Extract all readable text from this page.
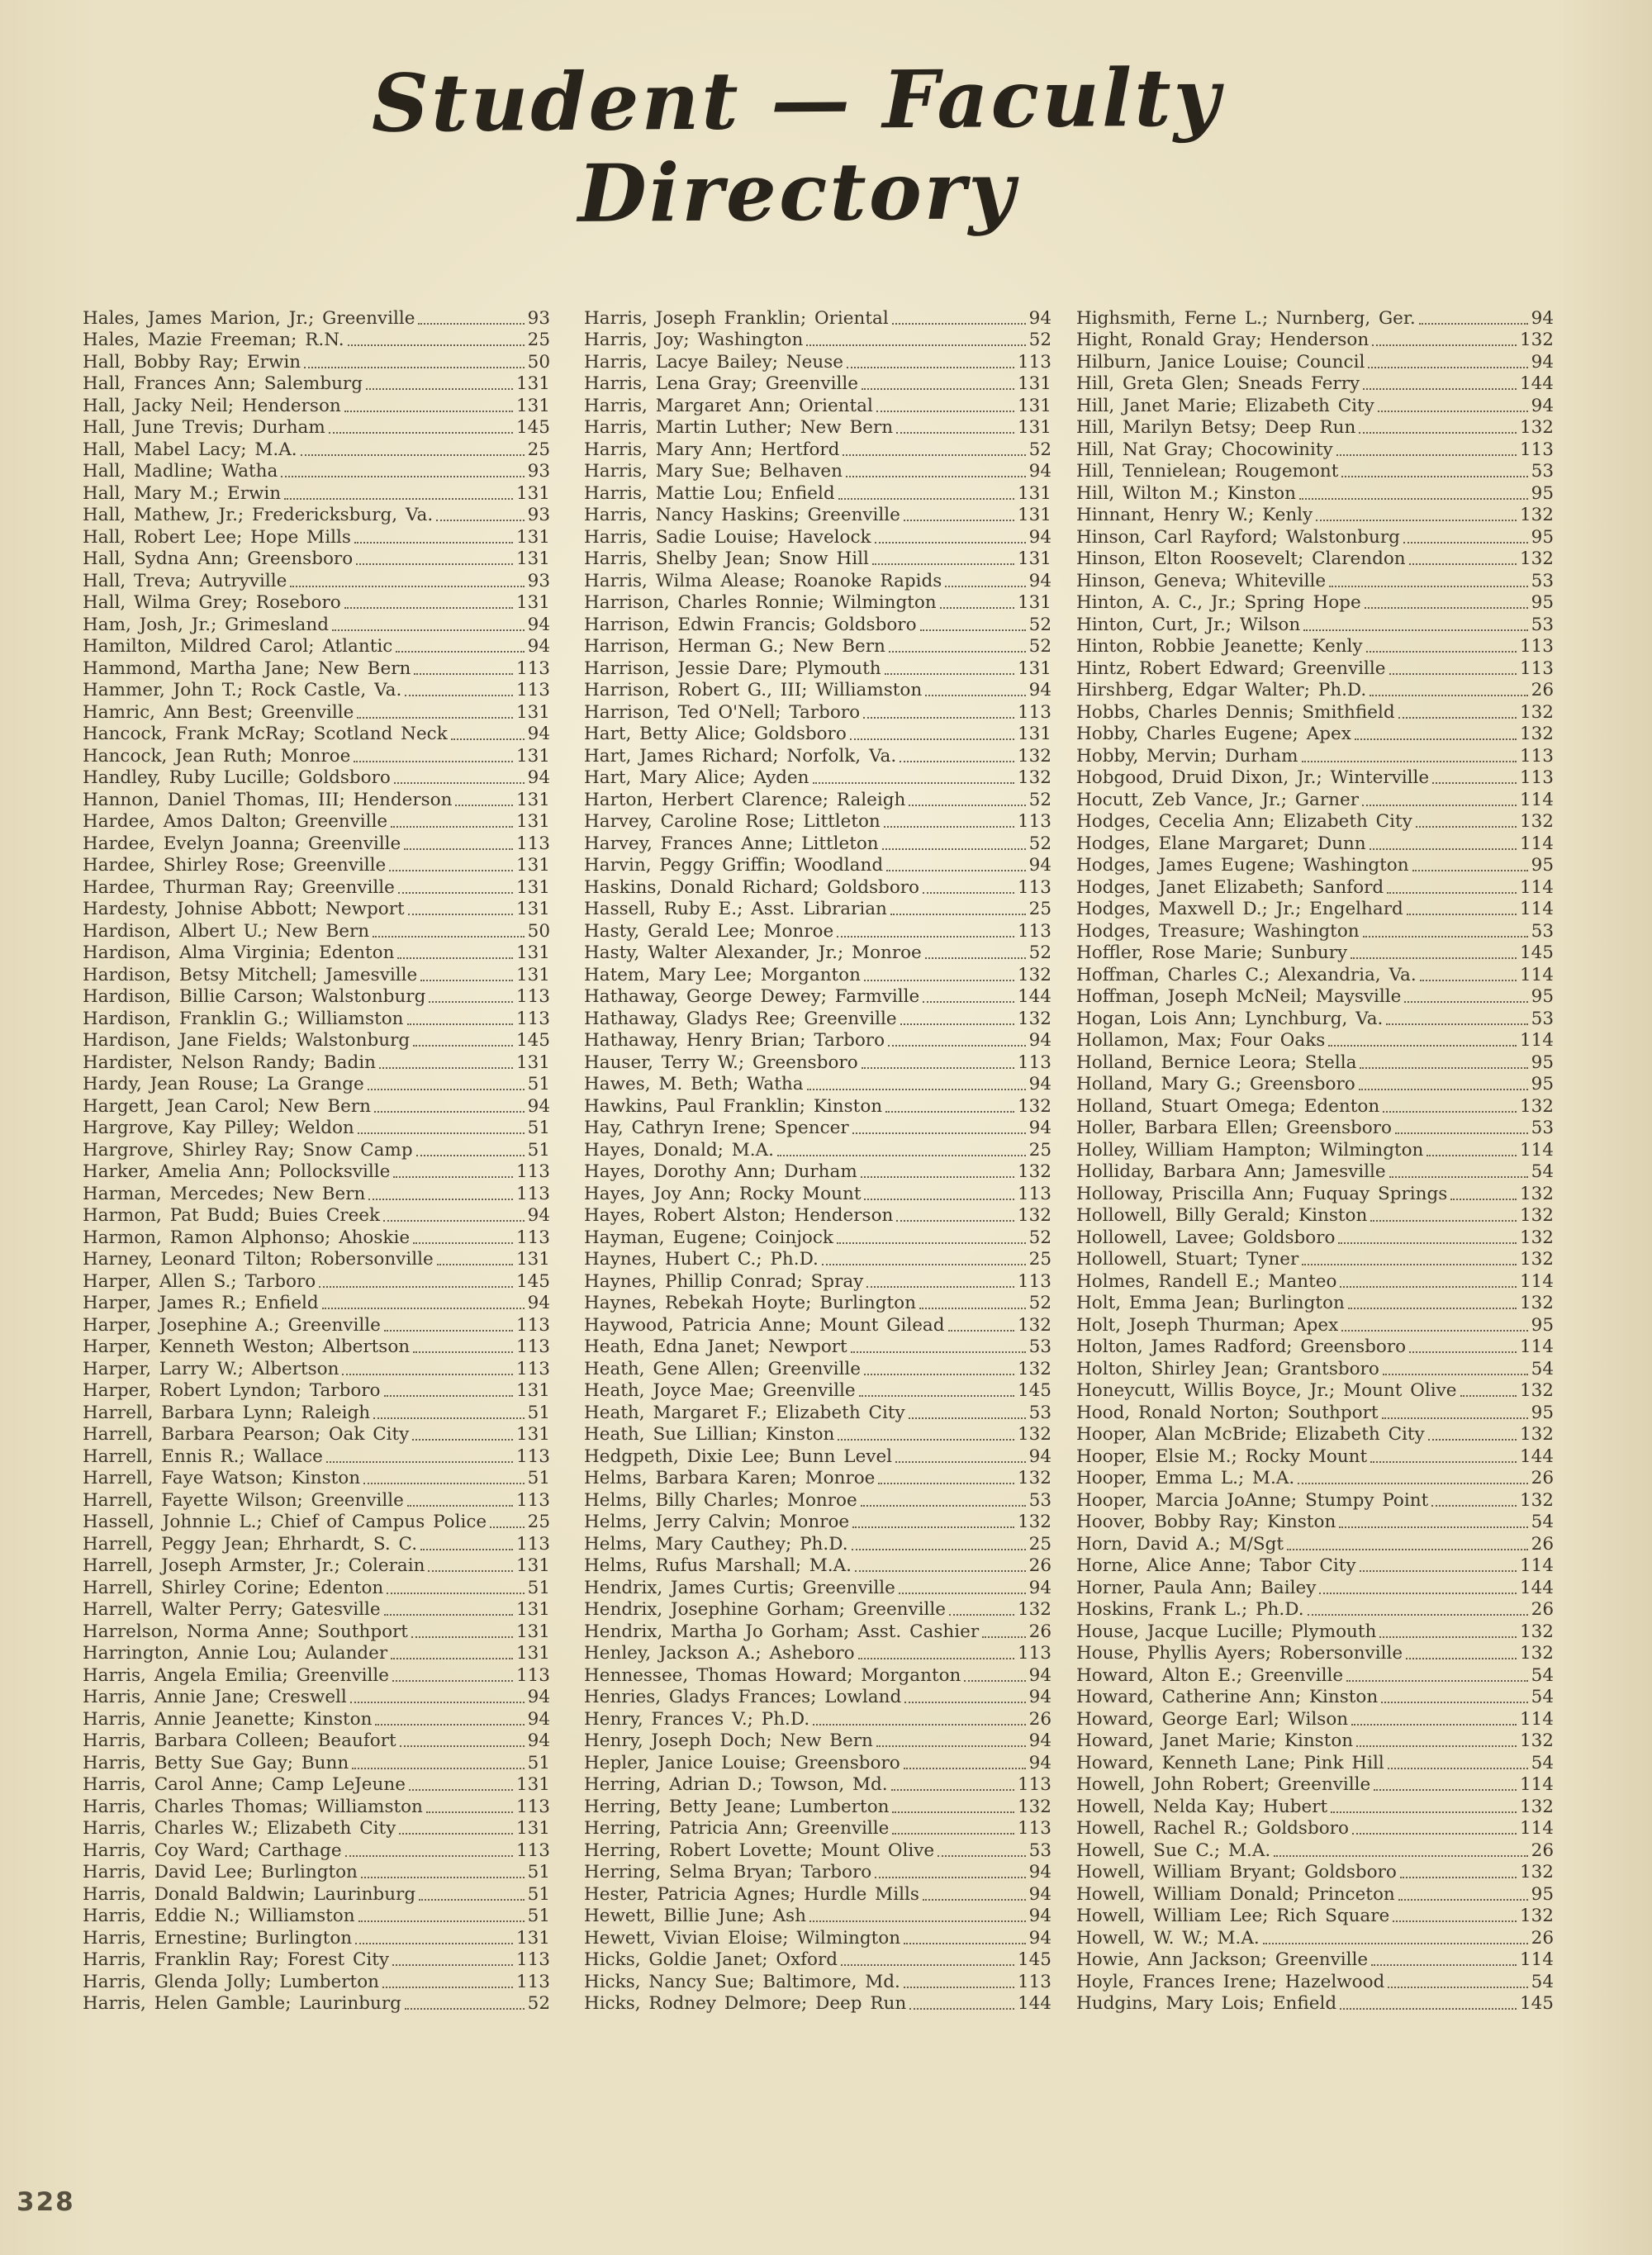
Student — Faculty
Directory
Hales, James Marion, Jr.; Greenville	93
Hales, Mazie Freeman; R.N.	25
Hall, Bobby Ray; Erwin	50
Hall, Frances Ann; Salemburg	131
Hall, Jacky Neil; Henderson	131
Hall, June Trevis; Durham	145
Hall, Mabel Lacy; M.A.	25
Hall, Madline; Watha	93
Hall, Mary M.; Erwin	131
Hall, Mathew, Jr.; Fredericksburg, Va.	93
Hall, Robert Lee; Hope Mills	131
Hall, Sydna Ann; Greensboro	131
Hall, Treva; Autryville	93
Hall, Wilma Grey; Roseboro	131
Ham, Josh, Jr.; Grimesland	94
Hamilton, Mildred Carol; Atlantic	94
Hammond, Martha Jane; New Bern	113
Hammer, John T.; Rock Castle, Va.	113
Hamric, Ann Best; Greenville	131
Hancock, Frank McRay; Scotland Neck	94
Hancock, Jean Ruth; Monroe	131
Handley, Ruby Lucille; Goldsboro	94
Hannon, Daniel Thomas, III; Henderson	131
Hardee, Amos Dalton; Greenville	131
Hardee, Evelyn Joanna; Greenville	113
Hardee, Shirley Rose; Greenville	131
Hardee, Thurman Ray; Greenville	131
Hardesty, Johnise Abbott; Newport	131
Hardison, Albert U.; New Bern	50
Hardison, Alma Virginia; Edenton	131
Hardison, Betsy Mitchell; Jamesville	131
Hardison, Billie Carson; Walstonburg	113
Hardison, Franklin G.; Williamston	113
Hardison, Jane Fields; Walstonburg	145
Hardister, Nelson Randy; Badin	131
Hardy, Jean Rouse; La Grange	51
Hargett, Jean Carol; New Bern	94
Hargrove, Kay Pilley; Weldon	51
Hargrove, Shirley Ray; Snow Camp	51
Harker, Amelia Ann; Pollocksville	113
Harman, Mercedes; New Bern	113
Harmon, Pat Budd; Buies Creek	94
Harmon, Ramon Alphonso; Ahoskie	113
Harney, Leonard Tilton; Robersonville	131
Harper, Allen S.; Tarboro	145
Harper, James R.; Enfield	94
Harper, Josephine A.; Greenville	113
Harper, Kenneth Weston; Albertson	113
Harper, Larry W.; Albertson	113
Harper, Robert Lyndon; Tarboro	131
Harrell, Barbara Lynn; Raleigh	51
Harrell, Barbara Pearson; Oak City	131
Harrell, Ennis R.; Wallace	113
Harrell, Faye Watson; Kinston	51
Harrell, Fayette Wilson; Greenville	113
Hassell, Johnnie L.; Chief of Campus Police 25
Harrell, Peggy Jean; Ehrhardt, S. C.	113
Harrell, Joseph Armster, Jr.; Colerain	131
Harrell, Shirley Corine; Edenton	51
Harrell, Walter Perry; Gatesville	131
Harrelson, Norma Anne; Southport	131
Harrington, Annie Lou; Aulander	131
Harris, Angela Emilia; Greenville	113
Harris, Annie Jane; Creswell	94
Harris, Annie Jeanette; Kinston	94
Harris, Barbara Colleen; Beaufort	94
Harris, Betty Sue Gay; Bunn	51
Harris, Carol Anne; Camp LeJeune	131
Harris, Charles Thomas; Williamston	113
Harris, Charles W.; Elizabeth City	131
Harris, Coy Ward; Carthage	113
Harris, David Lee; Burlington	51
Harris, Donald Baldwin; Laurinburg	51
Harris, Eddie N.; Williamston	51
Harris, Ernestine; Burlington	131
Harris, Franklin Ray; Forest City	113
Harris, Glenda Jolly; Lumberton	113
Harris, Helen Gamble; Laurinburg	52
Harris, Joseph Franklin; Oriental	94
Harris, Joy; Washington	52
Harris, Lacye Bailey; Neuse	113
Harris, Lena Gray; Greenville	131
Harris, Margaret Ann; Oriental	131
Harris, Martin Luther; New Bern	131
Harris, Mary Ann; Hertford	52
Harris, Mary Sue; Belhaven	94
Harris, Mattie Lou; Enfield	131
Harris, Nancy Haskins; Greenville	131
Harris, Sadie Louise; Havelock	94
Harris, Shelby Jean; Snow Hill	131
Harris, Wilma Alease; Roanoke Rapids	94
Harrison, Charles Ronnie; Wilmington	131
Harrison, Edwin Francis; Goldsboro	52
Harrison, Herman G.; New Bern	52
Harrison, Jessie Dare; Plymouth	131
Harrison, Robert G., III; Williamston	94
Harrison, Ted O'Nell; Tarboro	113
Hart, Betty Alice; Goldsboro	131
Hart, James Richard; Norfolk, Va.	132
Hart, Mary Alice; Ayden	132
Harton, Herbert Clarence; Raleigh	52
Harvey, Caroline Rose; Littleton	113
Harvey, Frances Anne; Littleton	52
Harvin, Peggy Griffin; Woodland	94
Haskins, Donald Richard; Goldsboro	113
Hassell, Ruby E.; Asst. Librarian	25
Hasty, Gerald Lee; Monroe	113
Hasty, Walter Alexander, Jr.; Monroe	52
Hatem, Mary Lee; Morganton	132
Hathaway, George Dewey; Farmville	144
Hathaway, Gladys Ree; Greenville	132
Hathaway, Henry Brian; Tarboro	94
Hauser, Terry W.; Greensboro	113
Hawes, M. Beth; Watha	94
Hawkins, Paul Franklin; Kinston	132
Hay, Cathryn Irene; Spencer	94
Hayes, Donald; M.A.	25
Hayes, Dorothy Ann; Durham	132
Hayes, Joy Ann; Rocky Mount	113
Hayes, Robert Alston; Henderson	132
Hayman, Eugene; Coinjock	52
Haynes, Hubert C.; Ph.D.	25
Haynes, Phillip Conrad; Spray	113
Haynes, Rebekah Hoyte; Burlington	52
Haywood, Patricia Anne; Mount Gilead	132
Heath, Edna Janet; Newport	53
Heath, Gene Allen; Greenville	132
Heath, Joyce Mae; Greenville	145
Heath, Margaret F.; Elizabeth City	53
Heath, Sue Lillian; Kinston	132
Hedgpeth, Dixie Lee; Bunn Level	94
Helms, Barbara Karen; Monroe	132
Helms, Billy Charles; Monroe	53
Helms, Jerry Calvin; Monroe	132
Helms, Mary Cauthey; Ph.D.	25
Helms, Rufus Marshall; M.A.	26
Hendrix, James Curtis; Greenville	94
Hendrix, Josephine Gorham; Greenville	132
Hendrix, Martha Jo Gorham; Asst. Cashier	26
Henley, Jackson A.; Asheboro	113
Hennessee, Thomas Howard; Morganton	94
Henries, Gladys Frances; Lowland	94
Henry, Frances V.; Ph.D.	26
Henry, Joseph Doch; New Bern	94
Hepler, Janice Louise; Greensboro	94
Herring, Adrian D.; Towson, Md.	113
Herring, Betty Jeane; Lumberton	132
Herring, Patricia Ann; Greenville	113
Herring, Robert Lovette; Mount Olive	53
Herring, Selma Bryan; Tarboro	94
Hester, Patricia Agnes; Hurdle Mills	94
Hewett, Billie June; Ash	94
Hewett, Vivian Eloise; Wilmington	94
Hicks, Goldie Janet; Oxford	145
Hicks, Nancy Sue; Baltimore, Md.	113
Hicks, Rodney Delmore; Deep Run	144
Highsmith, Ferne L.; Nurnberg, Ger.	94
Hight, Ronald Gray; Henderson	132
Hilburn, Janice Louise; Council	94
Hill, Greta Glen; Sneads Ferry	144
Hill, Janet Marie; Elizabeth City	94
Hill, Marilyn Betsy; Deep Run	132
Hill, Nat Gray; Chocowinity	113
Hill, Tennielean; Rougemont	53
Hill, Wilton M.; Kinston	95
Hinnant, Henry W.; Kenly	132
Hinson, Carl Rayford; Walstonburg	95
Hinson, Elton Roosevelt; Clarendon	132
Hinson, Geneva; Whiteville	53
Hinton, A. C., Jr.; Spring Hope	95
Hinton, Curt, Jr.; Wilson	53
Hinton, Robbie Jeanette; Kenly	113
Hintz, Robert Edward; Greenville	113
Hirshberg, Edgar Walter; Ph.D.	26
Hobbs, Charles Dennis; Smithfield	132
Hobby, Charles Eugene; Apex	132
Hobby, Mervin; Durham	113
Hobgood, Druid Dixon, Jr.; Winterville	113
Hocutt, Zeb Vance, Jr.; Garner	114
Hodges, Cecelia Ann; Elizabeth City	132
Hodges, Elane Margaret; Dunn	114
Hodges, James Eugene; Washington	95
Hodges, Janet Elizabeth; Sanford	114
Hodges, Maxwell D.; Jr.; Engelhard	114
Hodges, Treasure; Washington	53
Hoffler, Rose Marie; Sunbury	145
Hoffman, Charles C.; Alexandria, Va.	114
Hoffman, Joseph McNeil; Maysville	95
Hogan, Lois Ann; Lynchburg, Va.	53
Hollamon, Max; Four Oaks	114
Holland, Bernice Leora; Stella	95
Holland, Mary G.; Greensboro	95
Holland, Stuart Omega; Edenton	132
Holler, Barbara Ellen; Greensboro	53
Holley, William Hampton; Wilmington	114
Holliday, Barbara Ann; Jamesville	54
Holloway, Priscilla Ann; Fuquay Springs	132
Hollowell, Billy Gerald; Kinston	132
Hollowell, Lavee; Goldsboro	132
Hollowell, Stuart; Tyner	132
Holmes, Randell E.; Manteo	114
Holt, Emma Jean; Burlington	132
Holt, Joseph Thurman; Apex	95
Holton, James Radford; Greensboro	114
Holton, Shirley Jean; Grantsboro	54
Honeycutt, Willis Boyce, Jr.; Mount Olive	132
Hood, Ronald Norton; Southport	95
Hooper, Alan McBride; Elizabeth City	132
Hooper, Elsie M.; Rocky Mount	144
Hooper, Emma L.; M.A.	26
Hooper, Marcia JoAnne; Stumpy Point	132
Hoover, Bobby Ray; Kinston	54
Horn, David A.; M/Sgt	26
Horne, Alice Anne; Tabor City	114
Horner, Paula Ann; Bailey	144
Hoskins, Frank L.; Ph.D.	26
House, Jacque Lucille; Plymouth	132
House, Phyllis Ayers; Robersonville	132
Howard, Alton E.; Greenville	54
Howard, Catherine Ann; Kinston	54
Howard, George Earl; Wilson	114
Howard, Janet Marie; Kinston	132
Howard, Kenneth Lane; Pink Hill	54
Howell, John Robert; Greenville	114
Howell, Nelda Kay; Hubert	132
Howell, Rachel R.; Goldsboro	114
Howell, Sue C.; M.A.	26
Howell, William Bryant; Goldsboro	132
Howell, William Donald; Princeton	95
Howell, William Lee; Rich Square	132
Howell, W. W.; M.A.	26
Howie, Ann Jackson; Greenville	114
Hoyle, Frances Irene; Hazelwood	54
Hudgins, Mary Lois; Enfield	145
328
